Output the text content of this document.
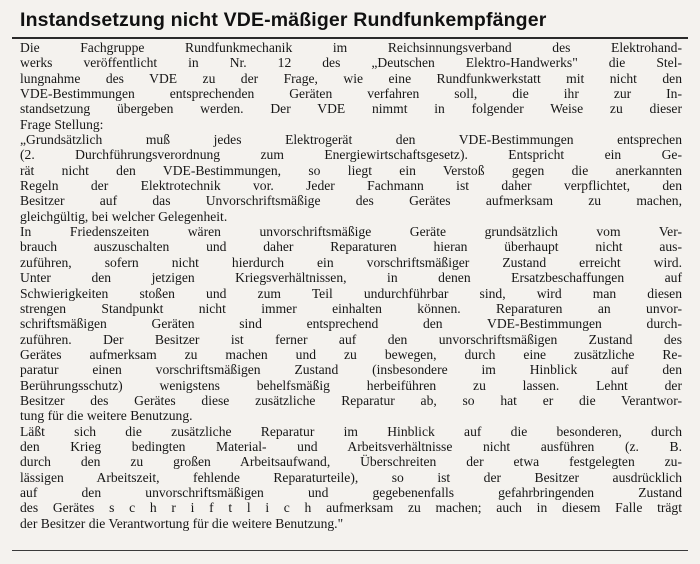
Instandsetzung nicht VDE-mäßiger Rundfunkempfänger
Die Fachgruppe Rundfunkmechanik im Reichsinnungsverband des Elektrohand-
werks veröffentlicht in Nr. 12 des „Deutschen Elektro-Handwerks" die Stel-
lungnahme des VDE zu der Frage, wie eine Rundfunkwerkstatt mit nicht den
VDE-Bestimmungen entsprechenden Geräten verfahren soll, die ihr zur In-
standsetzung übergeben werden. Der VDE nimmt in folgender Weise zu dieser
Frage Stellung:
„Grundsätzlich muß jedes Elektrogerät den VDE-Bestimmungen entsprechen
(2. Durchführungsverordnung zum Energiewirtschaftsgesetz). Entspricht ein Ge-
rät nicht den VDE-Bestimmungen, so liegt ein Verstoß gegen die anerkannten
Regeln der Elektrotechnik vor. Jeder Fachmann ist daher verpflichtet, den
Besitzer auf das Unvorschriftsmäßige des Gerätes aufmerksam zu machen,
gleichgültig, bei welcher Gelegenheit.
In Friedenszeiten wären unvorschriftsmäßige Geräte grundsätzlich vom Ver-
brauch auszuschalten und daher Reparaturen hieran überhaupt nicht aus-
zuführen, sofern nicht hierdurch ein vorschriftsmäßiger Zustand erreicht wird.
Unter den jetzigen Kriegsverhältnissen, in denen Ersatzbeschaffungen auf
Schwierigkeiten stoßen und zum Teil undurchführbar sind, wird man diesen
strengen Standpunkt nicht immer einhalten können. Reparaturen an unvor-
schriftsmäßigen Geräten sind entsprechend den VDE-Bestimmungen durch-
zuführen. Der Besitzer ist ferner auf den unvorschriftsmäßigen Zustand des
Gerätes aufmerksam zu machen und zu bewegen, durch eine zusätzliche Re-
paratur einen vorschriftsmäßigen Zustand (insbesondere im Hinblick auf den
Berührungsschutz) wenigstens behelfsmäßig herbeiführen zu lassen. Lehnt der
Besitzer des Gerätes diese zusätzliche Reparatur ab, so hat er die Verantwor-
tung für die weitere Benutzung.
Läßt sich die zusätzliche Reparatur im Hinblick auf die besonderen, durch
den Krieg bedingten Material- und Arbeitsverhältnisse nicht ausführen (z. B.
durch den zu großen Arbeitsaufwand, Überschreiten der etwa festgelegten zu-
lässigen Arbeitszeit, fehlende Reparaturteile), so ist der Besitzer ausdrücklich
auf den unvorschriftsmäßigen und gegebenenfalls gefahrbringenden Zustand
des Gerätes s c h r i f t l i c h aufmerksam zu machen; auch in diesem Falle trägt
der Besitzer die Verantwortung für die weitere Benutzung."
